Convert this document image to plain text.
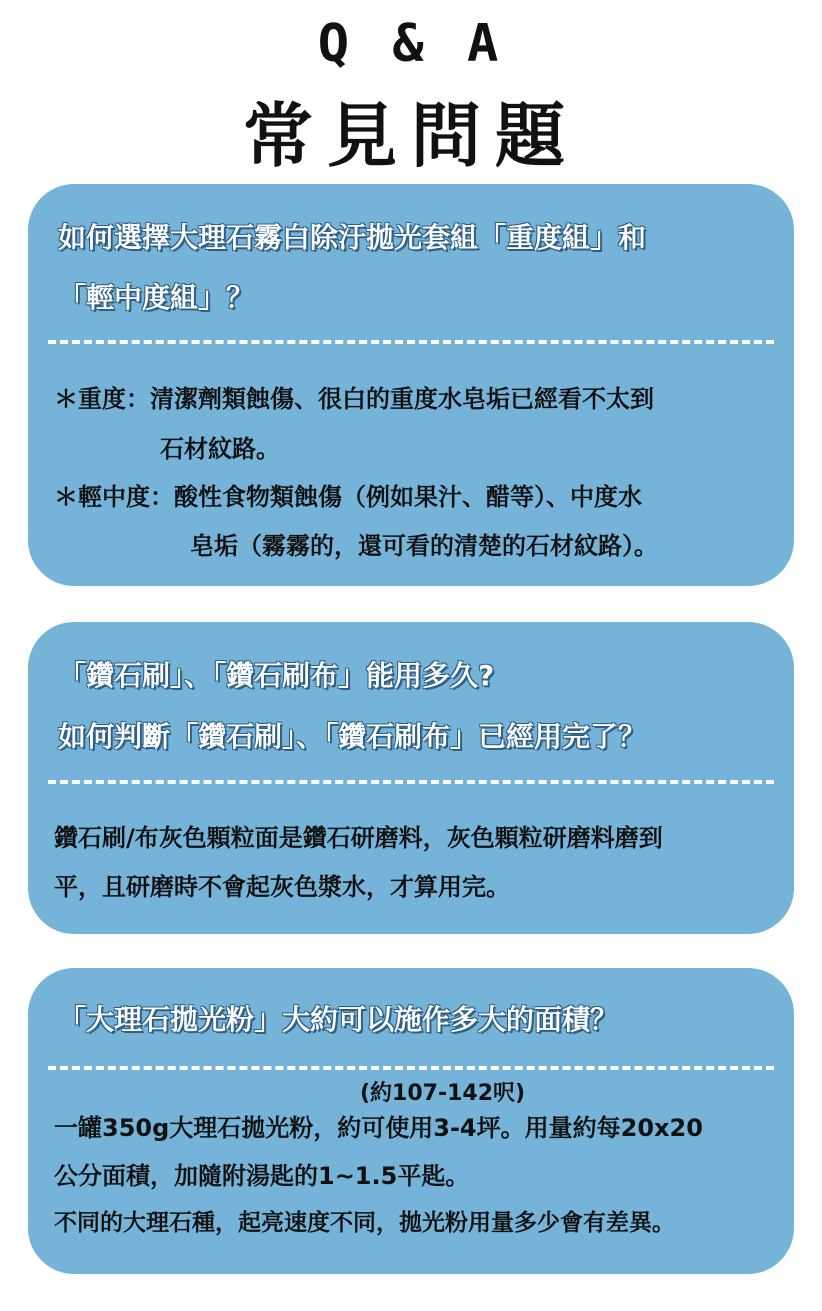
Q & A
常見問題
如何選擇大理石霧白除汙拋光套組「重度組」和
「輕中度組」？
＊重度：清潔劑類蝕傷、很白的重度水皂垢已經看不太到
石材紋路。
＊輕中度：酸性食物類蝕傷（例如果汁、醋等）、中度水
皂垢（霧霧的，還可看的清楚的石材紋路）。
「鑽石刷」、「鑽石刷布」能用多久?
如何判斷「鑽石刷」、「鑽石刷布」已經用完了？
鑽石刷/布灰色顆粒面是鑽石研磨料，灰色顆粒研磨料磨到
平，且研磨時不會起灰色漿水，才算用完。
「大理石拋光粉」大約可以施作多大的面積？
(約107-142呎)
一罐350g大理石拋光粉，約可使用3-4坪。用量約每20x20
公分面積，加隨附湯匙的1~1.5平匙。
不同的大理石種，起亮速度不同，拋光粉用量多少會有差異。
